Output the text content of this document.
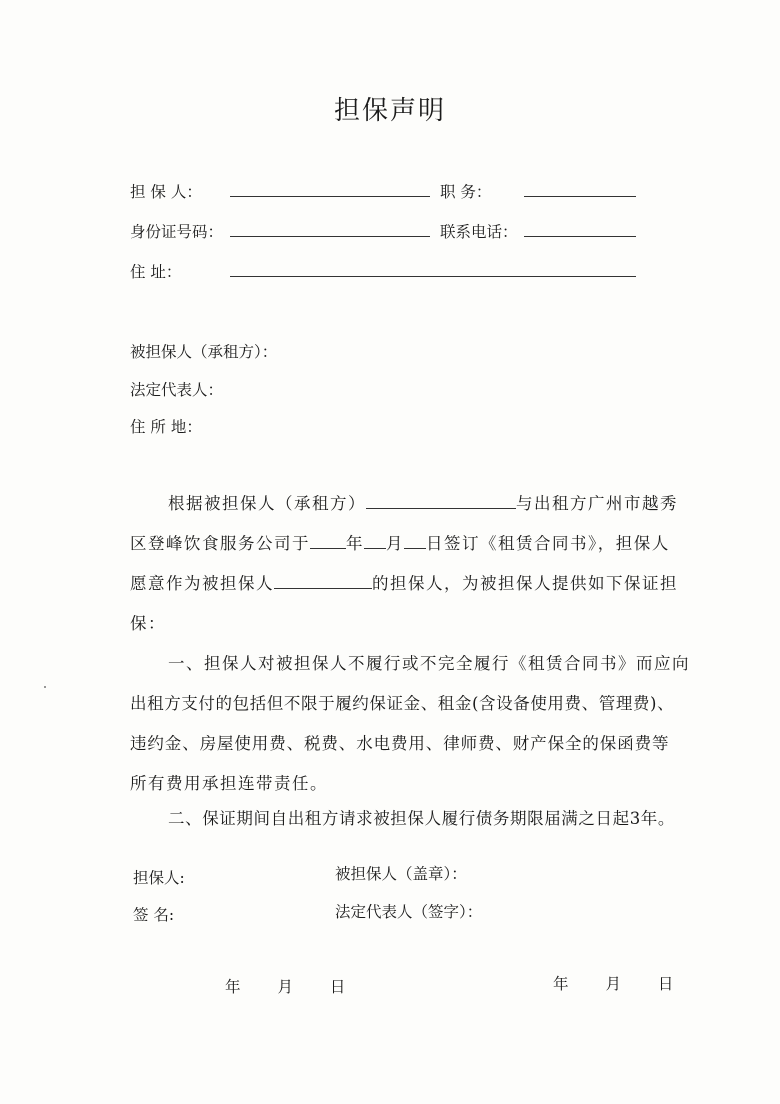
担保声明
担 保 人：	职 务：
身份证号码：	联系电话：
住 址：
被担保人（承租方）：
法定代表人：
住 所 地：
根据被担保人（承租方）	与出租方广州市越秀
区登峰饮食服务公司于 年 月 日签订《租赁合同书》，担保人
愿意作为被担保人	的担保人，为被担保人提供如下保证担
保：
一、担保人对被担保人不履行或不完全履行《租赁合同书》而应向
出租方支付的包括但不限于履约保证金、租金(含设备使用费、管理费)、
违约金、房屋使用费、税费、水电费用、律师费、财产保全的保函费等
所有费用承担连带责任。
二、保证期间自出租方请求被担保人履行债务期限届满之日起3年。
担保人:	被担保人（盖章）：
签 名:	法定代表人（签字）：
年 月 日	年 月 日
